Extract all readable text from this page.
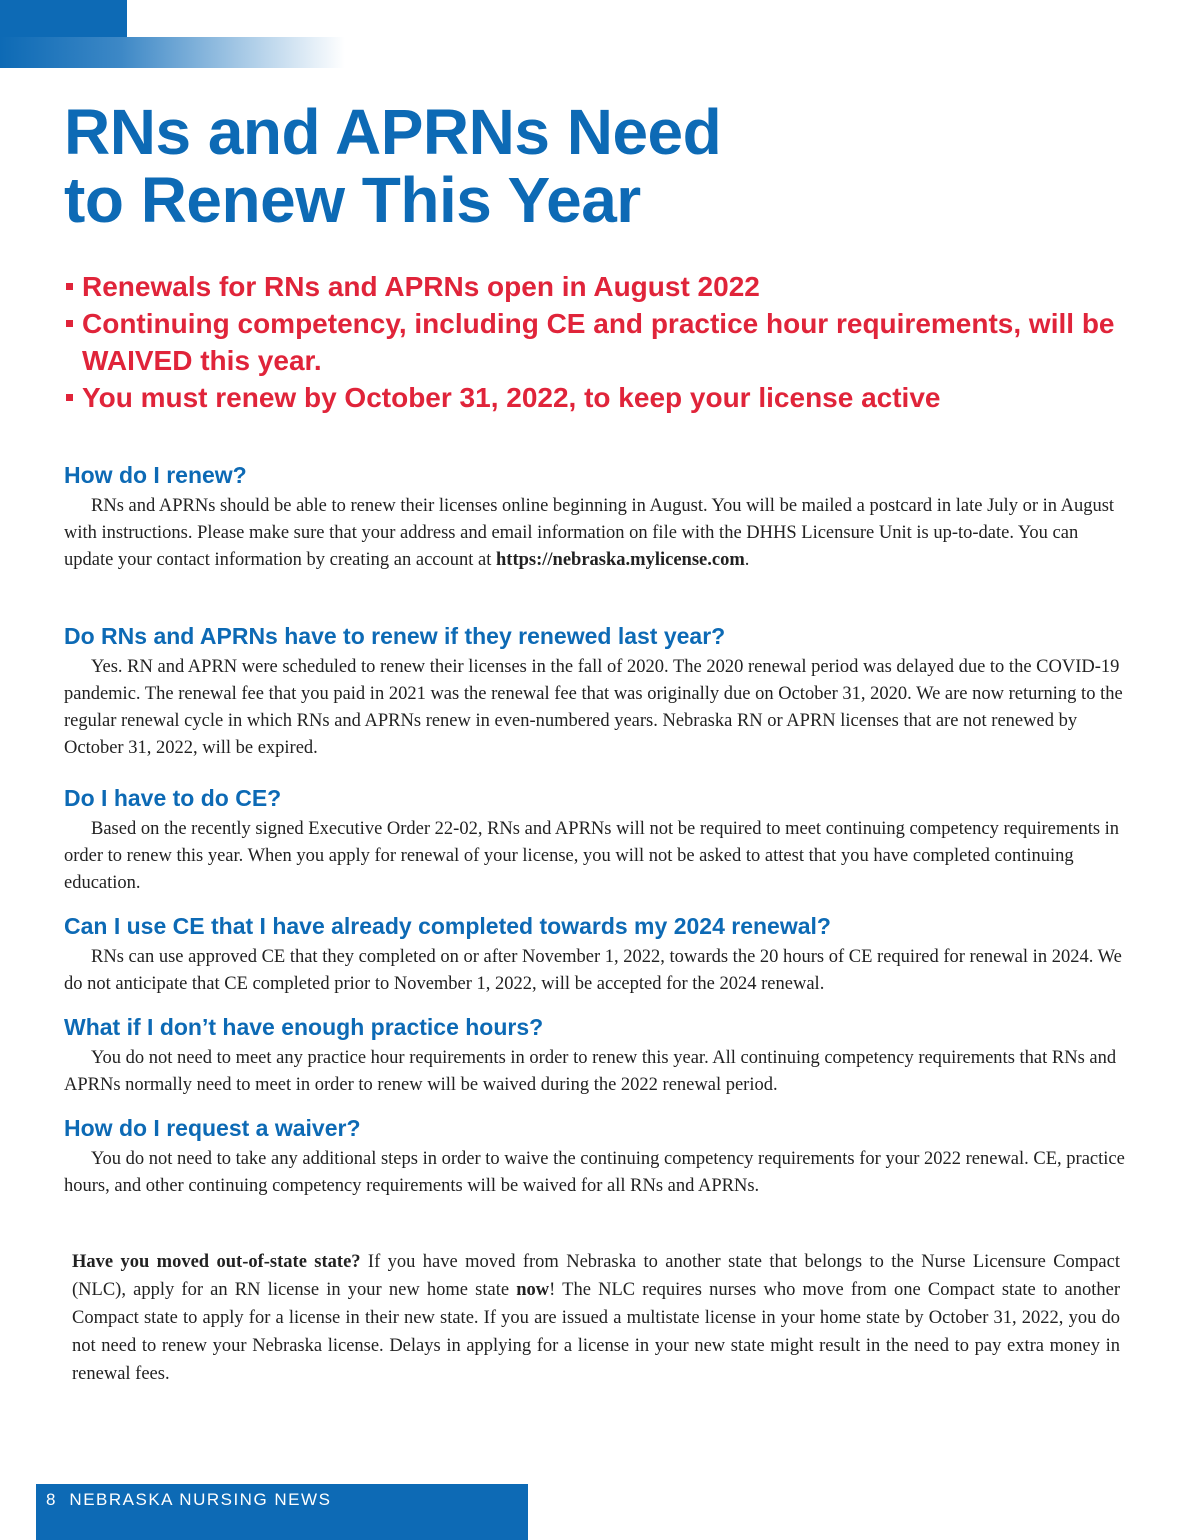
RNs and APRNs Need
to Renew This Year
Renewals for RNs and APRNs open in August 2022
Continuing competency, including CE and practice hour requirements, will be WAIVED this year.
You must renew by October 31, 2022, to keep your license active
How do I renew?

RNs and APRNs should be able to renew their licenses online beginning in August. You will be mailed a postcard in late July or in August with instructions. Please make sure that your address and email information on file with the DHHS Licensure Unit is up-to-date. You can update your contact information by creating an account at https://nebraska.mylicense.com.

Do RNs and APRNs have to renew if they renewed last year?

Yes. RN and APRN were scheduled to renew their licenses in the fall of 2020. The 2020 renewal period was delayed due to the COVID-19 pandemic. The renewal fee that you paid in 2021 was the renewal fee that was originally due on October 31, 2020. We are now returning to the regular renewal cycle in which RNs and APRNs renew in even-numbered years. Nebraska RN or APRN licenses that are not renewed by October 31, 2022, will be expired.

Do I have to do CE?

Based on the recently signed Executive Order 22-02, RNs and APRNs will not be required to meet continuing competency requirements in order to renew this year. When you apply for renewal of your license, you will not be asked to attest that you have completed continuing education.

Can I use CE that I have already completed towards my 2024 renewal?

RNs can use approved CE that they completed on or after November 1, 2022, towards the 20 hours of CE required for renewal in 2024. We do not anticipate that CE completed prior to November 1, 2022, will be accepted for the 2024 renewal.

What if I don’t have enough practice hours?

You do not need to meet any practice hour requirements in order to renew this year. All continuing competency requirements that RNs and APRNs normally need to meet in order to renew will be waived during the 2022 renewal period.

How do I request a waiver?

You do not need to take any additional steps in order to waive the continuing competency requirements for your 2022 renewal. CE, practice hours, and other continuing competency requirements will be waived for all RNs and APRNs.

Have you moved out-of-state state? If you have moved from Nebraska to another state that belongs to the Nurse Licensure Compact (NLC), apply for an RN license in your new home state now! The NLC requires nurses who move from one Compact state to another Compact state to apply for a license in their new state. If you are issued a multistate license in your home state by October 31, 2022, you do not need to renew your Nebraska license. Delays in applying for a license in your new state might result in the need to pay extra money in renewal fees.

8 NEBRASKA NURSING NEWS
